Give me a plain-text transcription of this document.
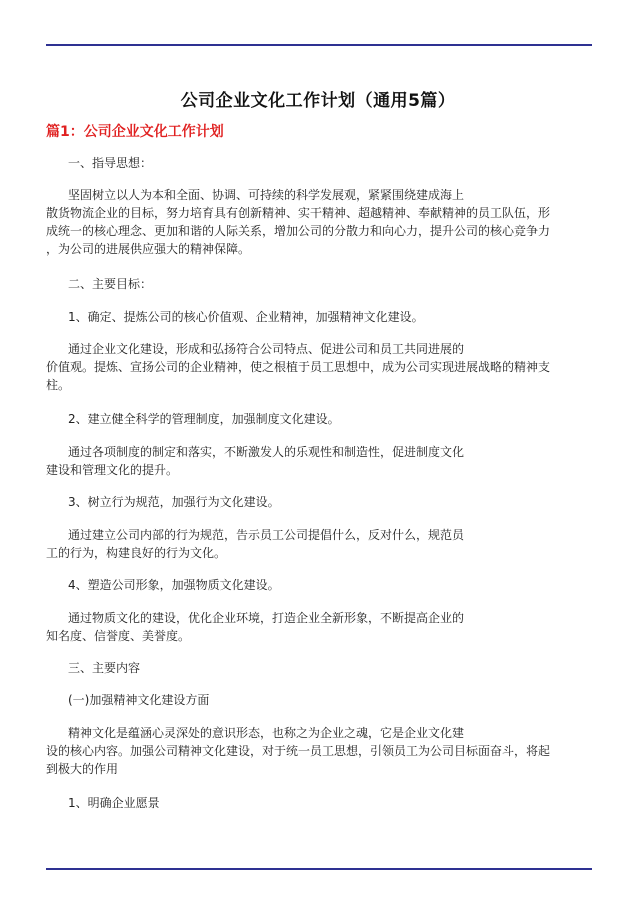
公司企业文化工作计划（通用5篇）
篇1：公司企业文化工作计划
一、指导思想：
坚固树立以人为本和全面、协调、可持续的科学发展观，紧紧围绕建成海上
散货物流企业的目标，努力培育具有创新精神、实干精神、超越精神、奉献精神的员工队伍，形
成统一的核心理念、更加和谐的人际关系，增加公司的分散力和向心力，提升公司的核心竞争力
，为公司的进展供应强大的精神保障。
二、主要目标：
1、确定、提炼公司的核心价值观、企业精神，加强精神文化建设。
通过企业文化建设，形成和弘扬符合公司特点、促进公司和员工共同进展的
价值观。提炼、宣扬公司的企业精神，使之根植于员工思想中，成为公司实现进展战略的精神支
柱。
2、建立健全科学的管理制度，加强制度文化建设。
通过各项制度的制定和落实，不断激发人的乐观性和制造性，促进制度文化
建设和管理文化的提升。
3、树立行为规范，加强行为文化建设。
通过建立公司内部的行为规范，告示员工公司提倡什么，反对什么，规范员
工的行为，构建良好的行为文化。
4、塑造公司形象，加强物质文化建设。
通过物质文化的建设，优化企业环境，打造企业全新形象，不断提高企业的
知名度、信誉度、美誉度。
三、主要内容
(一)加强精神文化建设方面
精神文化是蕴涵心灵深处的意识形态，也称之为企业之魂，它是企业文化建
设的核心内容。加强公司精神文化建设，对于统一员工思想，引领员工为公司目标面奋斗，将起
到极大的作用
1、明确企业愿景
